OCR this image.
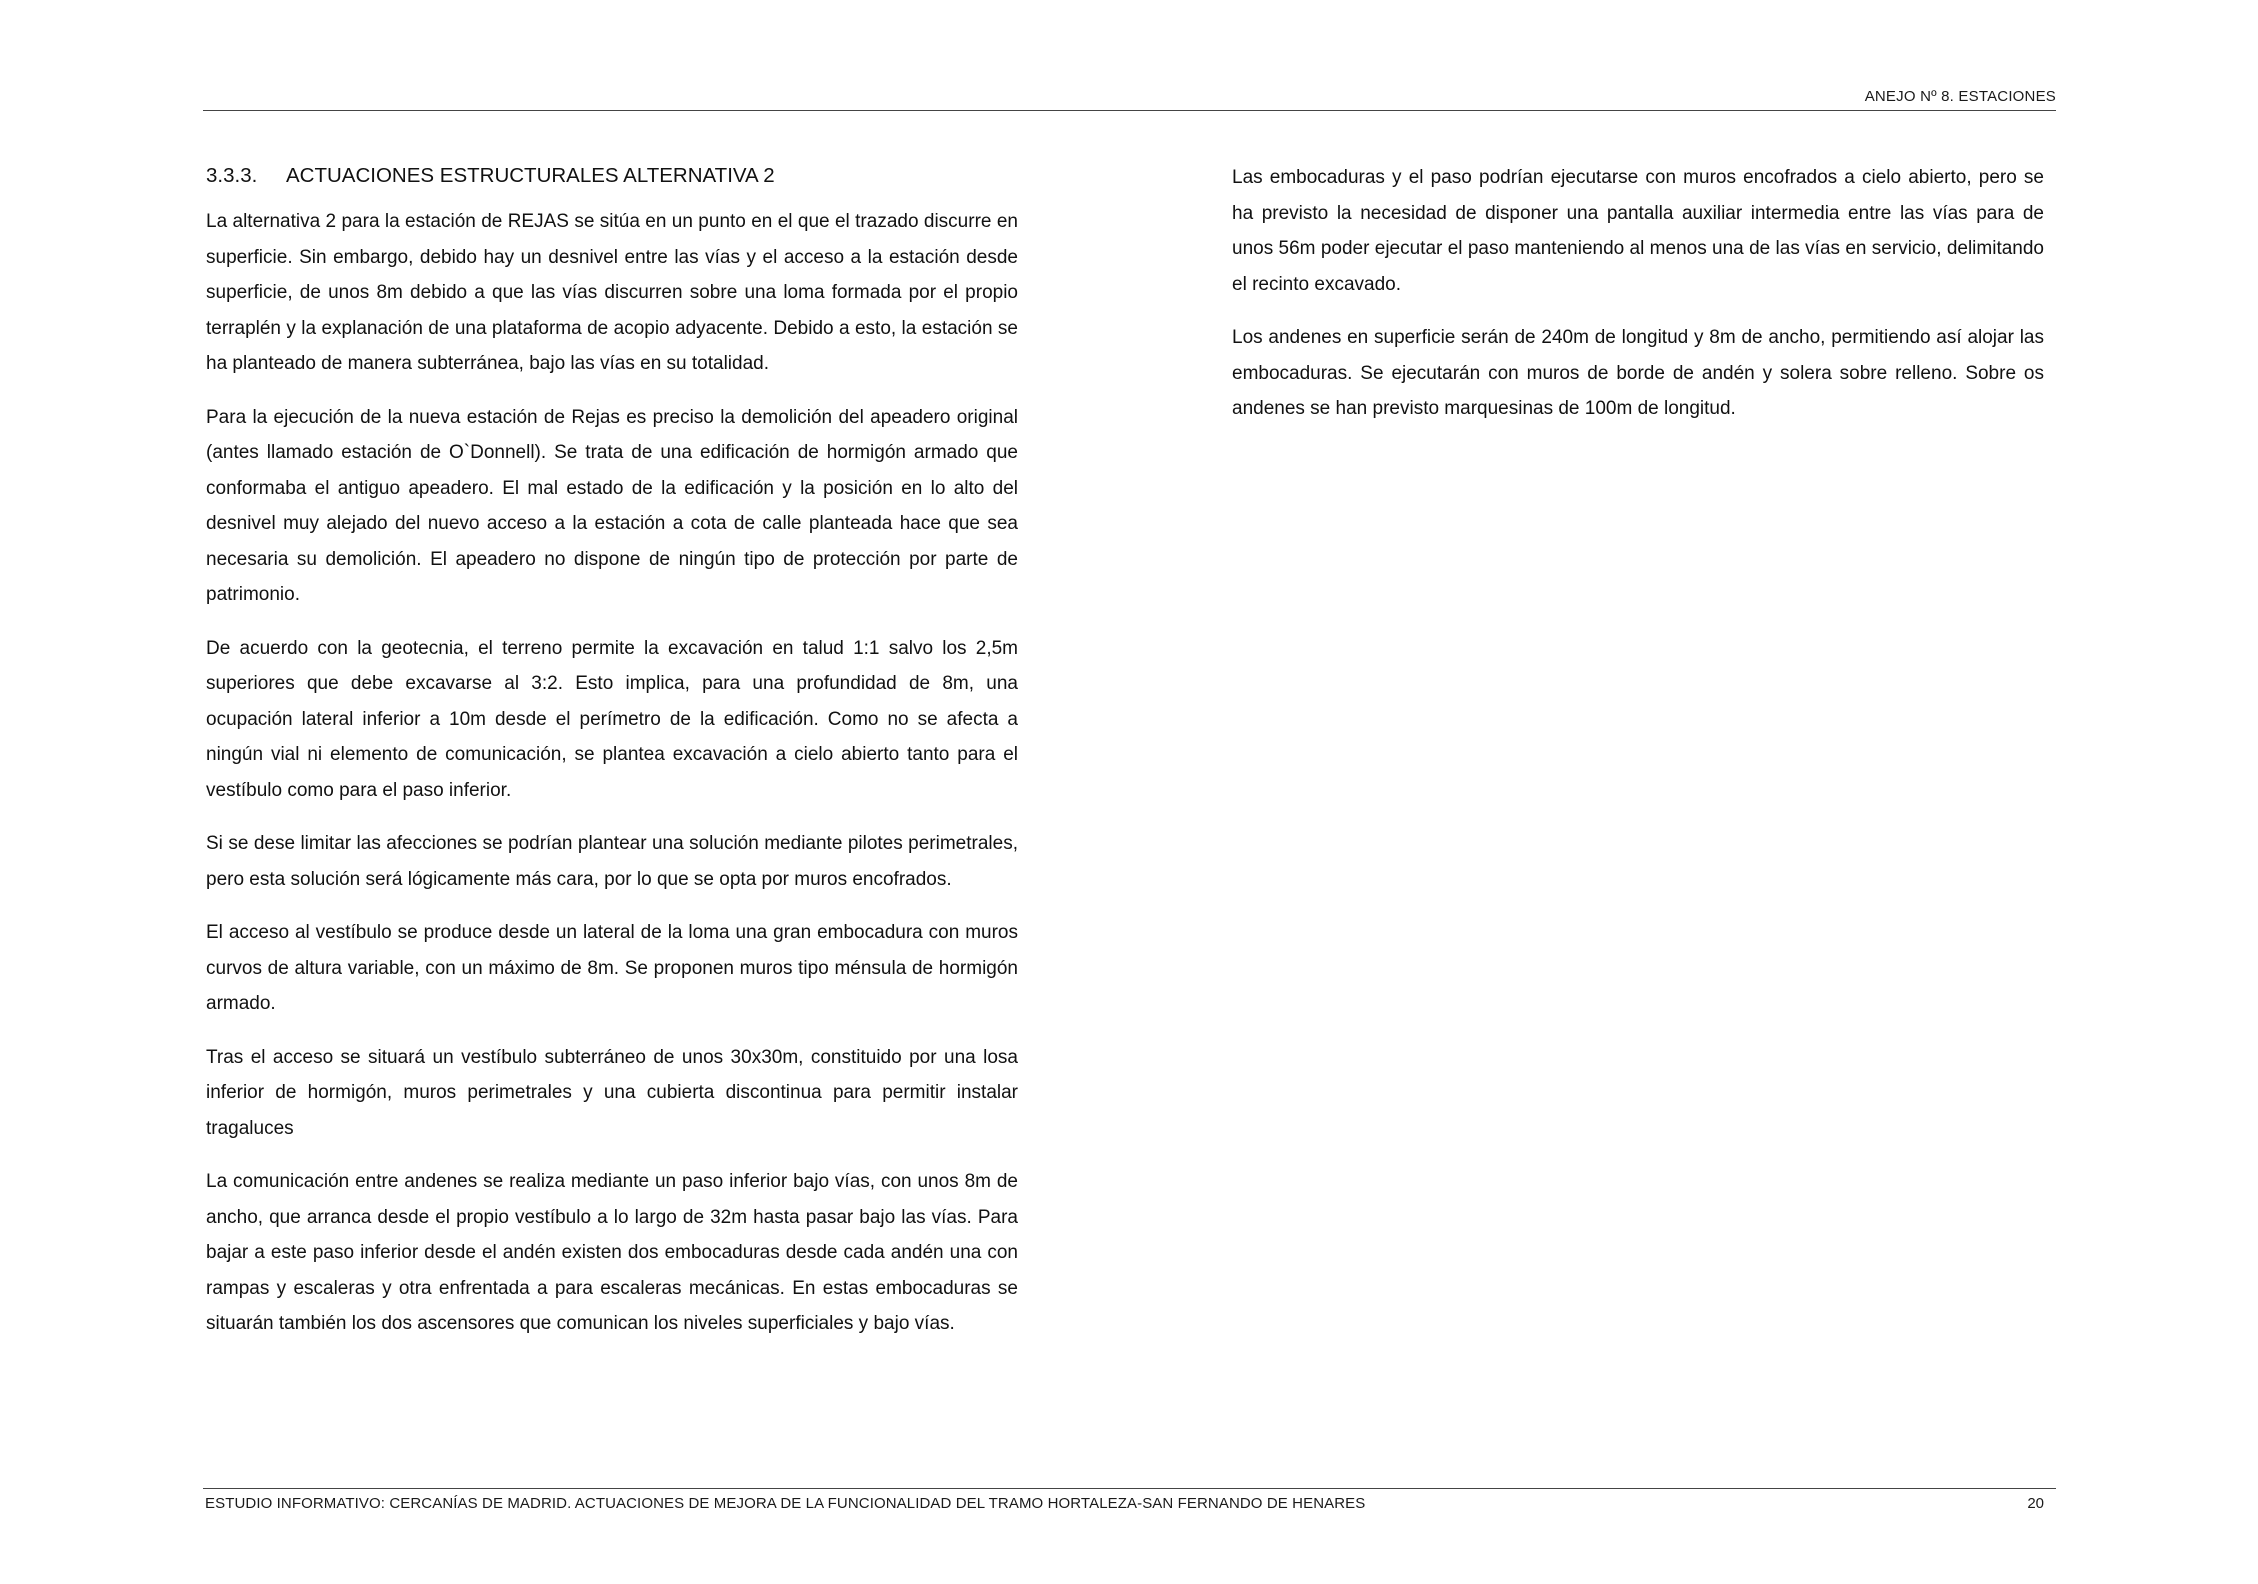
ANEJO Nº 8. ESTACIONES
3.3.3. ACTUACIONES ESTRUCTURALES ALTERNATIVA 2

La alternativa 2 para la estación de REJAS se sitúa en un punto en el que el trazado discurre en superficie. Sin embargo, debido hay un desnivel entre las vías y el acceso a la estación desde superficie, de unos 8m debido a que las vías discurren sobre una loma formada por el propio terraplén y la explanación de una plataforma de acopio adyacente. Debido a esto, la estación se ha planteado de manera subterránea, bajo las vías en su totalidad.

Para la ejecución de la nueva estación de Rejas es preciso la demolición del apeadero original (antes llamado estación de O`Donnell). Se trata de una edificación de hormigón armado que conformaba el antiguo apeadero. El mal estado de la edificación y la posición en lo alto del desnivel muy alejado del nuevo acceso a la estación a cota de calle planteada hace que sea necesaria su demolición. El apeadero no dispone de ningún tipo de protección por parte de patrimonio.

De acuerdo con la geotecnia, el terreno permite la excavación en talud 1:1 salvo los 2,5m superiores que debe excavarse al 3:2. Esto implica, para una profundidad de 8m, una ocupación lateral inferior a 10m desde el perímetro de la edificación. Como no se afecta a ningún vial ni elemento de comunicación, se plantea excavación a cielo abierto tanto para el vestíbulo como para el paso inferior.

Si se dese limitar las afecciones se podrían plantear una solución mediante pilotes perimetrales, pero esta solución será lógicamente más cara, por lo que se opta por muros encofrados.

El acceso al vestíbulo se produce desde un lateral de la loma una gran embocadura con muros curvos de altura variable, con un máximo de 8m. Se proponen muros tipo ménsula de hormigón armado.

Tras el acceso se situará un vestíbulo subterráneo de unos 30x30m, constituido por una losa inferior de hormigón, muros perimetrales y una cubierta discontinua para permitir instalar tragaluces

La comunicación entre andenes se realiza mediante un paso inferior bajo vías, con unos 8m de ancho, que arranca desde el propio vestíbulo a lo largo de 32m hasta pasar bajo las vías. Para bajar a este paso inferior desde el andén existen dos embocaduras desde cada andén una con rampas y escaleras y otra enfrentada a para escaleras mecánicas. En estas embocaduras se situarán también los dos ascensores que comunican los niveles superficiales y bajo vías.

Las embocaduras y el paso podrían ejecutarse con muros encofrados a cielo abierto, pero se ha previsto la necesidad de disponer una pantalla auxiliar intermedia entre las vías para de unos 56m poder ejecutar el paso manteniendo al menos una de las vías en servicio, delimitando el recinto excavado.

Los andenes en superficie serán de 240m de longitud y 8m de ancho, permitiendo así alojar las embocaduras. Se ejecutarán con muros de borde de andén y solera sobre relleno. Sobre os andenes se han previsto marquesinas de 100m de longitud.

ESTUDIO INFORMATIVO: CERCANÍAS DE MADRID. ACTUACIONES DE MEJORA DE LA FUNCIONALIDAD DEL TRAMO HORTALEZA-SAN FERNANDO DE HENARES	20
